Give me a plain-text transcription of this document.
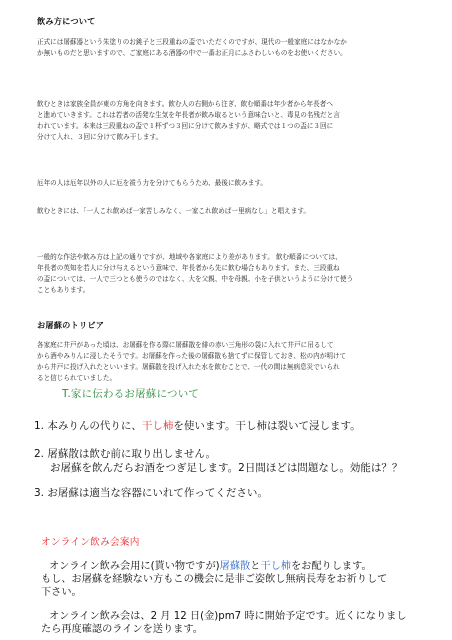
飲み方について
正式には屠蘇器という朱塗りのお銚子と三段重ねの盃でいただくのですが、現代の一般家庭にはなかなか
か無いものだと思いますので、ご家庭にある酒器の中で一番お正月にふさわしいものをお使いください。
飲むときは家族全員が東の方角を向きます。飲む人の右側から注ぎ、飲む順番は年少者から年長者へ
と進めていきます。これは若者の活発な生気を年長者が飲み取るという意味合いと、毒見の名残だと言
われています。本来は三段重ねの盃で１杯ずつ３回に分けて飲みますが、略式では１つの盃に３回に
分けて入れ、３回に分けて飲み干します。
厄年の人は厄年以外の人に厄を祓う力を分けてもらうため、最後に飲みます。
飲むときには、「一人これ飲めば一家苦しみなく、一家これ飲めば一里病なし」と唱えます。
一般的な作法や飲み方は上記の通りですが、地域や各家庭により差があります。 飲む順番については、
年長者の英知を若人に分け与えるという意味で、年長者から先に飲む場合もあります。また、三段重ね
の盃については、一人で三つとも使うのではなく、大を父親、中を母親、小を子供というように分けて使う
こともあります。
お屠蘇のトリビア
各家庭に井戸があった頃は、お屠蘇を作る際に屠蘇散を緋の赤い三角形の袋に入れて井戸に吊るして
から酒やみりんに浸したそうです。お屠蘇を作った後の屠蘇散も捨てずに保管しておき、松の内が明けて
から井戸に投げ入れたといいます。屠蘇散を投げ入れた水を飲むことで、一代の間は無病息災でいられ
ると信じられていました。
T.家に伝わるお屠蘇について
1. 本みりんの代りに、干し柿を使います。干し柿は裂いて浸します。
2. 屠蘇散は飲む前に取り出しません。
お屠蘇を飲んだらお酒をつぎ足します。2日間ほどは問題なし。効能は？？
3. お屠蘇は適当な容器にいれて作ってください。
オンライン飲み会案内
オンライン飲み会用に(貰い物ですが)屠蘇散と干し柿をお配りします。
もし、お屠蘇を経験ない方もこの機会に是非ご姿飲し無病長寿をお祈りして
下さい。
オンライン飲み会は、2 月 12 日(金)pm7 時に開始予定です。近くになりまし
たら再度確認のラインを送ります。
